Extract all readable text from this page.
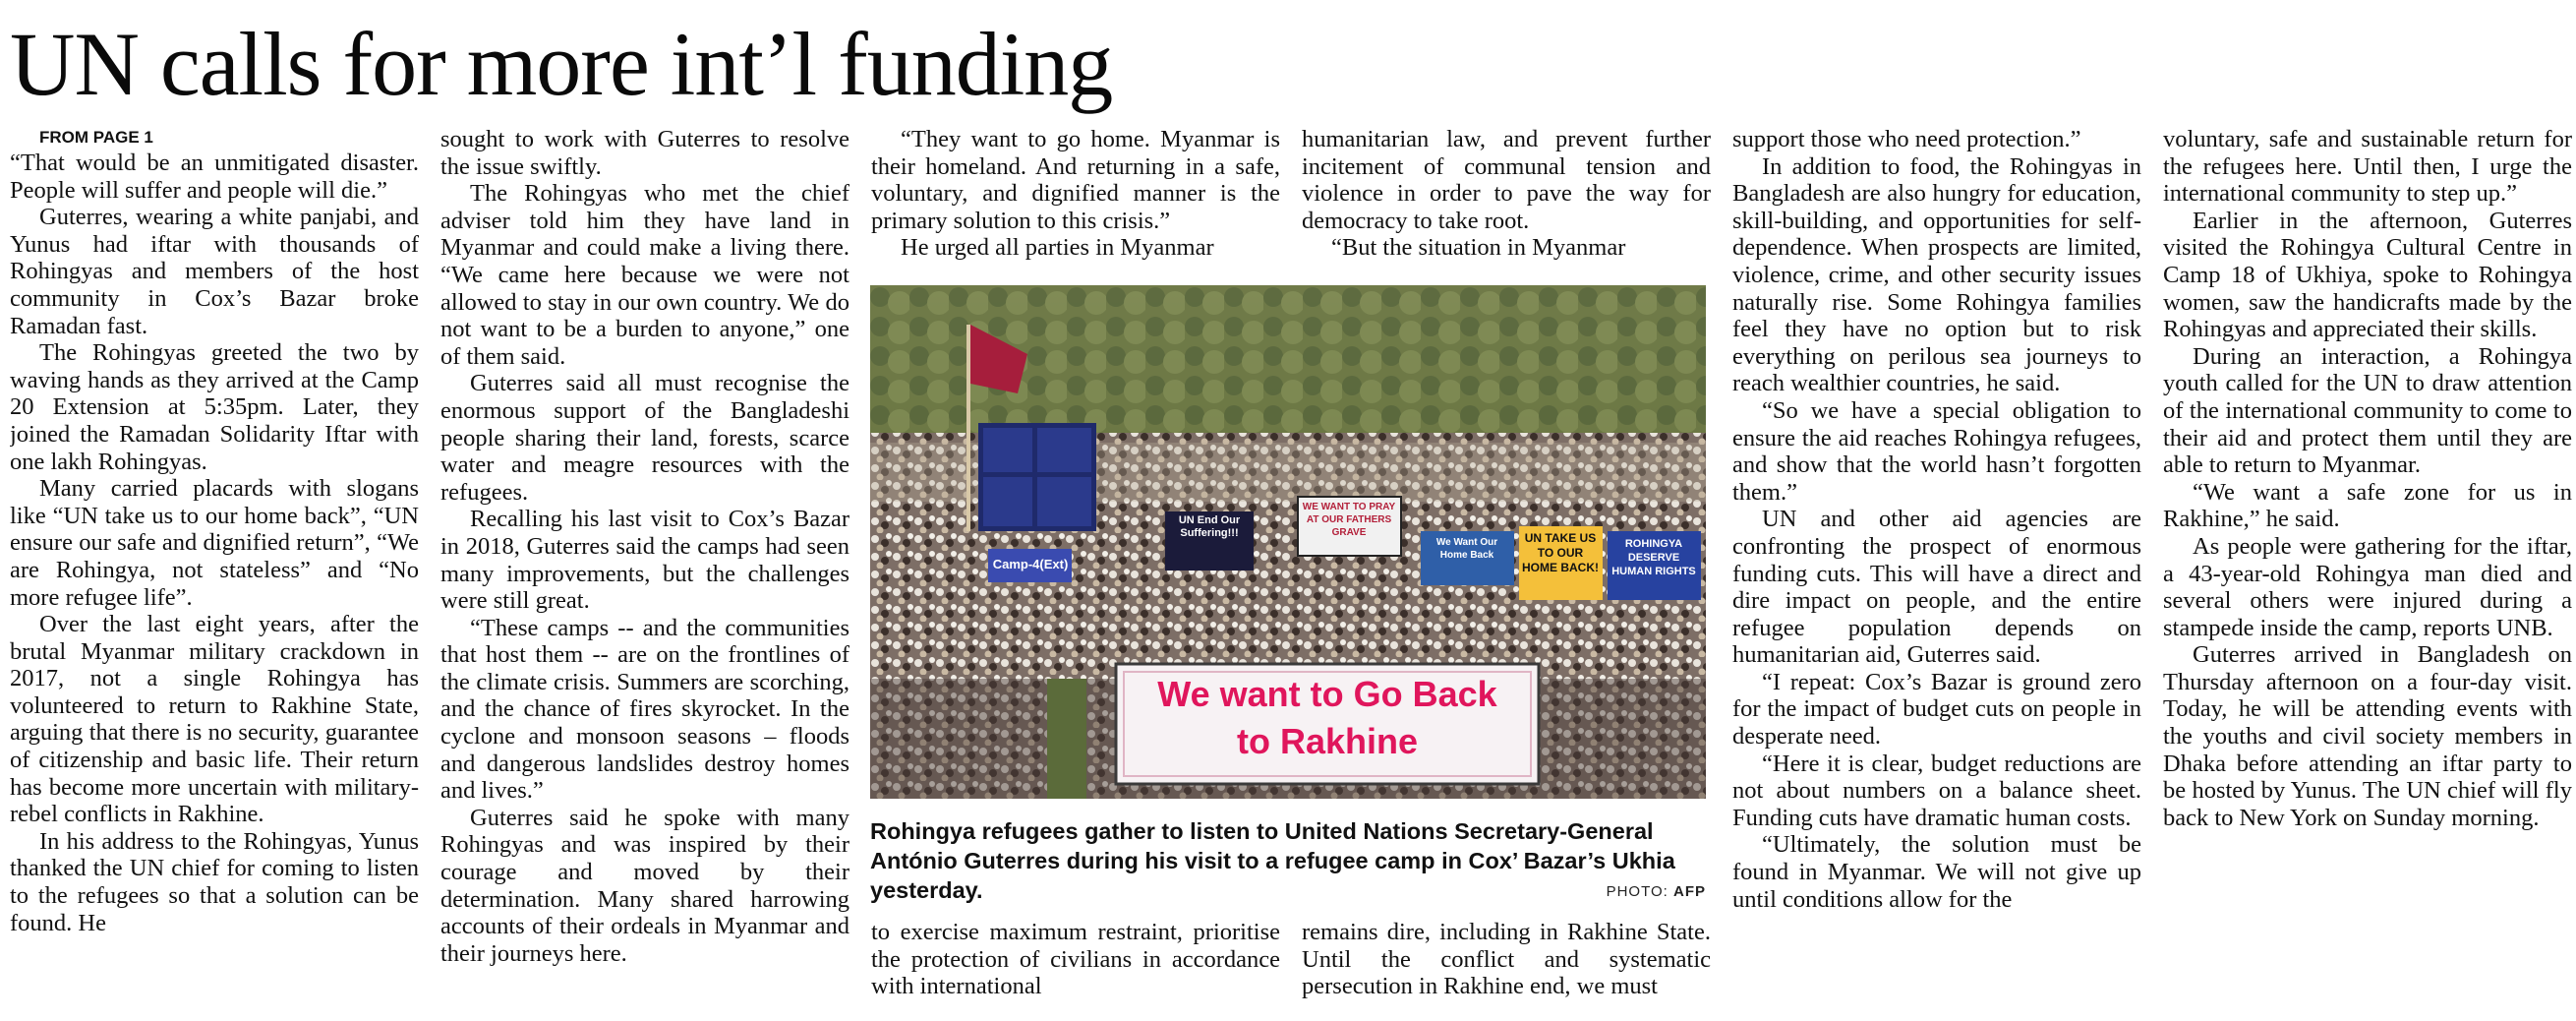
UN calls for more int’l funding

FROM PAGE 1

“That would be an unmitigated disaster. People will suffer and people will die.”

Guterres, wearing a white panjabi, and Yunus had iftar with thousands of Rohingyas and members of the host community in Cox’s Bazar broke Ramadan fast.

The Rohingyas greeted the two by waving hands as they arrived at the Camp 20 Extension at 5:35pm. Later, they joined the Ramadan Solidarity Iftar with one lakh Rohingyas.

Many carried placards with slogans like “UN take us to our home back”, “UN ensure our safe and dignified return”, “We are Rohingya, not stateless” and “No more refugee life”.

Over the last eight years, after the brutal Myanmar military crackdown in 2017, not a single Rohingya has volunteered to return to Rakhine State, arguing that there is no security, guarantee of citizenship and basic life. Their return has become more uncertain with military-rebel conflicts in Rakhine.

In his address to the Rohingyas, Yunus thanked the UN chief for coming to listen to the refugees so that a solution can be found. He

sought to work with Guterres to resolve the issue swiftly.

The Rohingyas who met the chief adviser told him they have land in Myanmar and could make a living there. “We came here because we were not allowed to stay in our own country. We do not want to be a burden to anyone,” one of them said.

Guterres said all must recognise the enormous support of the Bangladeshi people sharing their land, forests, scarce water and meagre resources with the refugees.

Recalling his last visit to Cox’s Bazar in 2018, Guterres said the camps had seen many improvements, but the challenges were still great.

“These camps -- and the communities that host them -- are on the frontlines of the climate crisis. Summers are scorching, and the chance of fires skyrocket. In the cyclone and monsoon seasons – floods and dangerous landslides destroy homes and lives.”

Guterres said he spoke with many Rohingyas and was inspired by their courage and moved by their determination. Many shared harrowing accounts of their ordeals in Myanmar and their journeys here.

“They want to go home. Myanmar is their homeland. And returning in a safe, voluntary, and dignified manner is the primary solution to this crisis.”

He urged all parties in Myanmar

humanitarian law, and prevent further incitement of communal tension and violence in order to pave the way for democracy to take root.

“But the situation in Myanmar

support those who need protection.”

In addition to food, the Rohingyas in Bangladesh are also hungry for education, skill-building, and opportunities for self-dependence. When prospects are limited, violence, crime, and other security issues naturally rise. Some Rohingya families feel they have no option but to risk everything on perilous sea journeys to reach wealthier countries, he said.

“So we have a special obligation to ensure the aid reaches Rohingya refugees, and show that the world hasn’t forgotten them.”

UN and other aid agencies are confronting the prospect of enormous funding cuts. This will have a direct and dire impact on people, and the entire refugee population depends on humanitarian aid, Guterres said.

“I repeat: Cox’s Bazar is ground zero for the impact of budget cuts on people in desperate need.

“Here it is clear, budget reductions are not about numbers on a balance sheet. Funding cuts have dramatic human costs.

“Ultimately, the solution must be found in Myanmar. We will not give up until conditions allow for the

voluntary, safe and sustainable return for the refugees here. Until then, I urge the international community to step up.”

Earlier in the afternoon, Guterres visited the Rohingya Cultural Centre in Camp 18 of Ukhiya, spoke to Rohingya women, saw the handicrafts made by the Rohingyas and appreciated their skills.

During an interaction, a Rohingya youth called for the UN to draw attention of the international community to come to their aid and protect them until they are able to return to Myanmar.

“We want a safe zone for us in Rakhine,” he said.

As people were gathering for the iftar, a 43-year-old Rohingya man died and several others were injured during a stampede inside the camp, reports UNB.

Guterres arrived in Bangladesh on Thursday afternoon on a four-day visit. Today, he will be attending events with the youths and civil society members in Dhaka before attending an iftar party to be hosted by Yunus. The UN chief will fly back to New York on Sunday morning.

We want to Go Back
to Rakhine
UN End Our Suffering!!!
WE WANT TO PRAY AT OUR FATHERS GRAVE
We Want Our Home Back
UN TAKE US TO OUR HOME BACK!
ROHINGYA DESERVE HUMAN RIGHTS
Camp-4(Ext)

Rohingya refugees gather to listen to United Nations Secretary-General António Guterres during his visit to a refugee camp in Cox’ Bazar’s Ukhia yesterday.	PHOTO: AFP

to exercise maximum restraint, prioritise the protection of civilians in accordance with international

remains dire, including in Rakhine State. Until the conflict and systematic persecution in Rakhine end, we must
